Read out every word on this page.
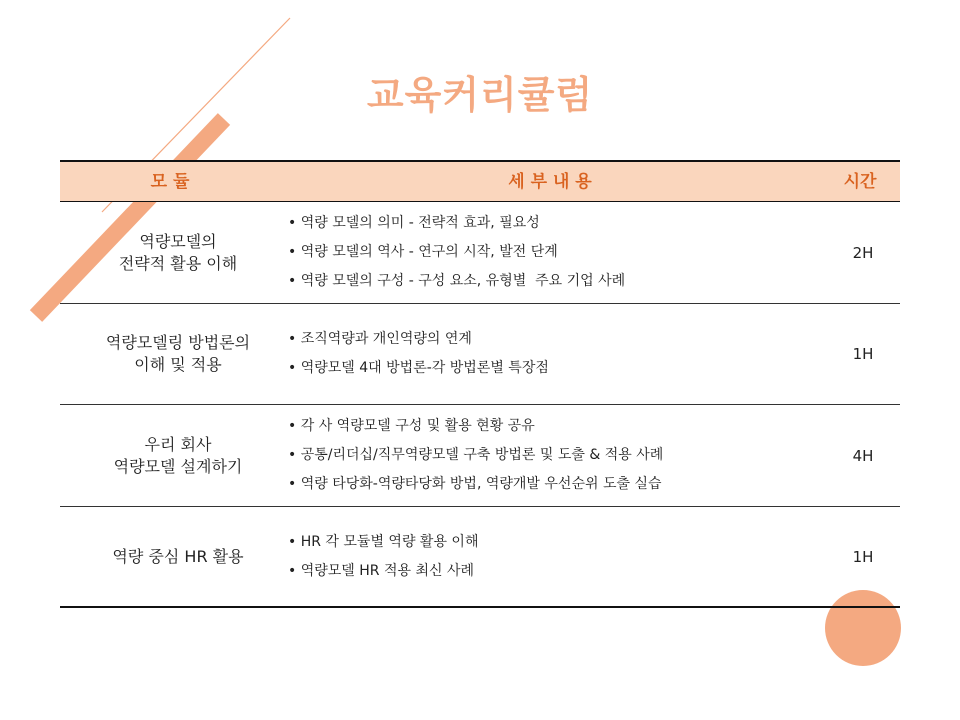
교육커리큘럼
모 듈	세 부 내 용	시간
역량모델의
전략적 활용 이해
• 역량 모델의 의미 - 전략적 효과, 필요성
• 역량 모델의 역사 - 연구의 시작, 발전 단계
• 역량 모델의 구성 - 구성 요소, 유형별  주요 기업 사례
2H
역량모델링 방법론의
이해 및 적용
• 조직역량과 개인역량의 연계
• 역량모델 4대 방법론-각 방법론별 특장점
1H
우리 회사
역량모델 설계하기
• 각 사 역량모델 구성 및 활용 현황 공유
• 공통/리더십/직무역량모델 구축 방법론 및 도출 & 적용 사례
• 역량 타당화-역량타당화 방법, 역량개발 우선순위 도출 실습
4H
역량 중심 HR 활용
• HR 각 모듈별 역량 활용 이해
• 역량모델 HR 적용 최신 사례
1H
